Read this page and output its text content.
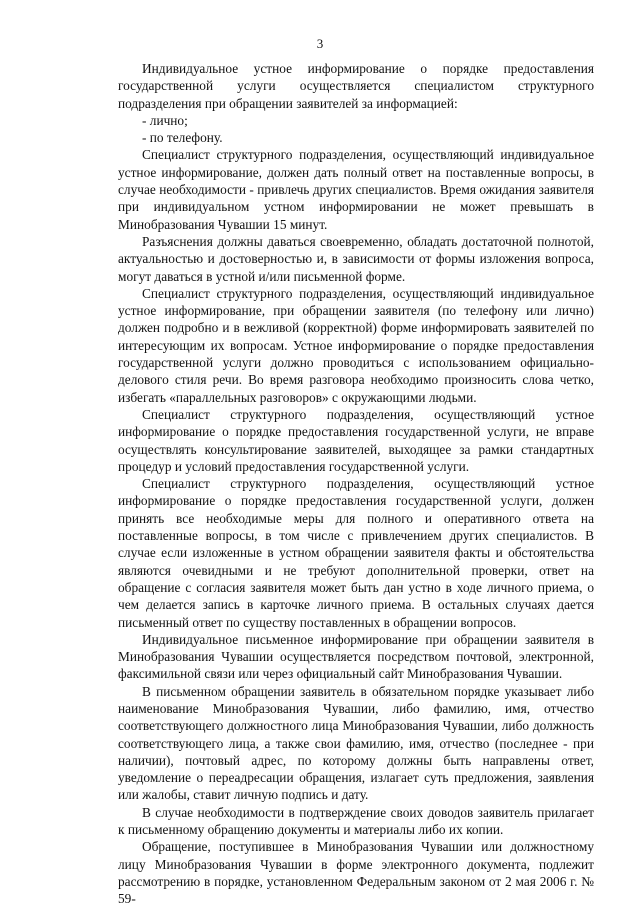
3

Индивидуальное устное информирование о порядке предоставления государственной услуги осуществляется специалистом структурного подразделения при обращении заявителей за информацией:

- лично;

- по телефону.

Специалист структурного подразделения, осуществляющий индивидуальное устное информирование, должен дать полный ответ на поставленные вопросы, в случае необходимости - привлечь других специалистов. Время ожидания заявителя при индивидуальном устном информировании не может превышать в Минобразования Чувашии 15 минут.

Разъяснения должны даваться своевременно, обладать достаточной полнотой, актуальностью и достоверностью и, в зависимости от формы изложения вопроса, могут даваться в устной и/или письменной форме.

Специалист структурного подразделения, осуществляющий индивидуальное устное информирование, при обращении заявителя (по телефону или лично) должен подробно и в вежливой (корректной) форме информировать заявителей по интересующим их вопросам. Устное информирование о порядке предоставления государственной услуги должно проводиться с использованием официально-делового стиля речи. Во время разговора необходимо произносить слова четко, избегать «параллельных разговоров» с окружающими людьми.

Специалист структурного подразделения, осуществляющий устное информирование о порядке предоставления государственной услуги, не вправе осуществлять консультирование заявителей, выходящее за рамки стандартных процедур и условий предоставления государственной услуги.

Специалист структурного подразделения, осуществляющий устное информирование о порядке предоставления государственной услуги, должен принять все необходимые меры для полного и оперативного ответа на поставленные вопросы, в том числе с привлечением других специалистов. В случае если изложенные в устном обращении заявителя факты и обстоятельства являются очевидными и не требуют дополнительной проверки, ответ на обращение с согласия заявителя может быть дан устно в ходе личного приема, о чем делается запись в карточке личного приема. В остальных случаях дается письменный ответ по существу поставленных в обращении вопросов.

Индивидуальное письменное информирование при обращении заявителя в Минобразования Чувашии осуществляется посредством почтовой, электронной, факсимильной связи или через официальный сайт Минобразования Чувашии.

В письменном обращении заявитель в обязательном порядке указывает либо наименование Минобразования Чувашии, либо фамилию, имя, отчество соответствующего должностного лица Минобразования Чувашии, либо должность соответствующего лица, а также свои фамилию, имя, отчество (последнее - при наличии), почтовый адрес, по которому должны быть направлены ответ, уведомление о переадресации обращения, излагает суть предложения, заявления или жалобы, ставит личную подпись и дату.

В случае необходимости в подтверждение своих доводов заявитель прилагает к письменному обращению документы и материалы либо их копии.

Обращение, поступившее в Минобразования Чувашии или должностному лицу Минобразования Чувашии в форме электронного документа, подлежит рассмотрению в порядке, установленном Федеральным законом от 2 мая 2006 г. № 59-
